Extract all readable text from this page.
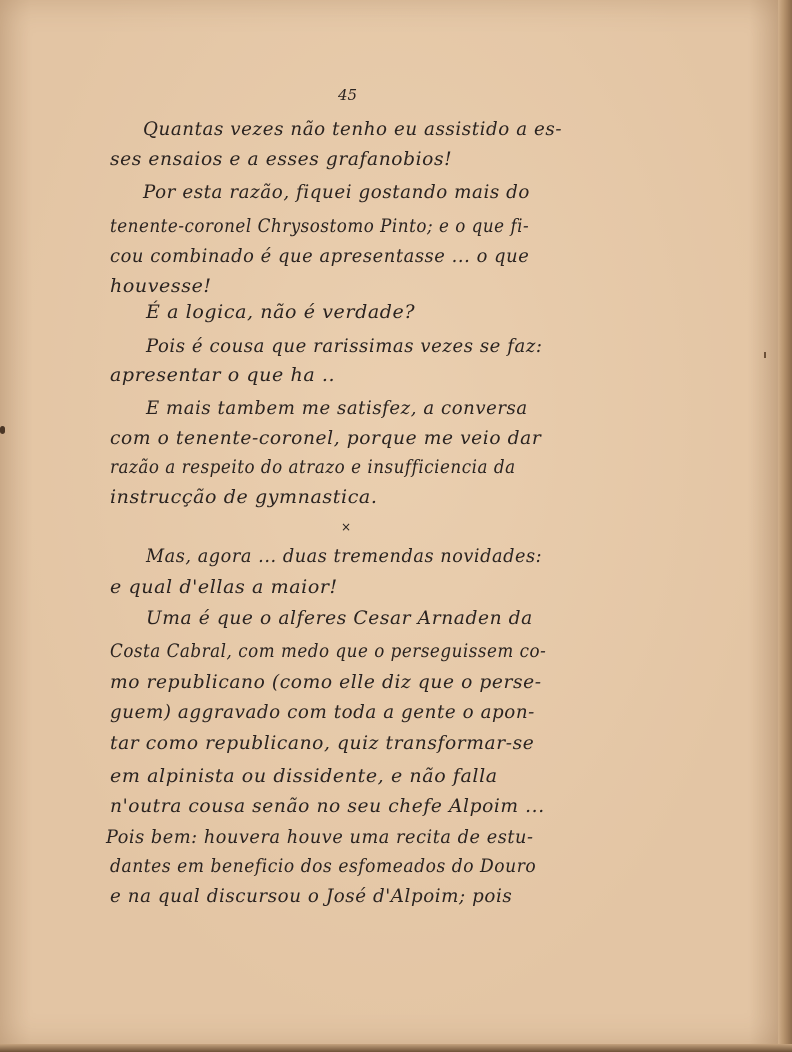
45
Quantas vezes não tenho eu assistido a es-
ses ensaios e a esses grafanobios!
Por esta razão, fiquei gostando mais do
tenente-coronel Chrysostomo Pinto; e o que fi-
cou combinado é que apresentasse ... o que
houvesse!
É a logica, não é verdade?
Pois é cousa que rarissimas vezes se faz:
apresentar o que ha ..
E mais tambem me satisfez, a conversa
com o tenente-coronel, porque me veio dar
razão a respeito do atrazo e insufficiencia da
instrucção de gymnastica.
×
Mas, agora ... duas tremendas novidades:
e qual d'ellas a maior!
Uma é que o alferes Cesar Arnaden da
Costa Cabral, com medo que o perseguissem co-
mo republicano (como elle diz que o perse-
guem) aggravado com toda a gente o apon-
tar como republicano, quiz transformar-se
em alpinista ou dissidente, e não falla
n'outra cousa senão no seu chefe Alpoim ...
Pois bem: houvera houve uma recita de estu-
dantes em beneficio dos esfomeados do Douro
e na qual discursou o José d'Alpoim; pois
